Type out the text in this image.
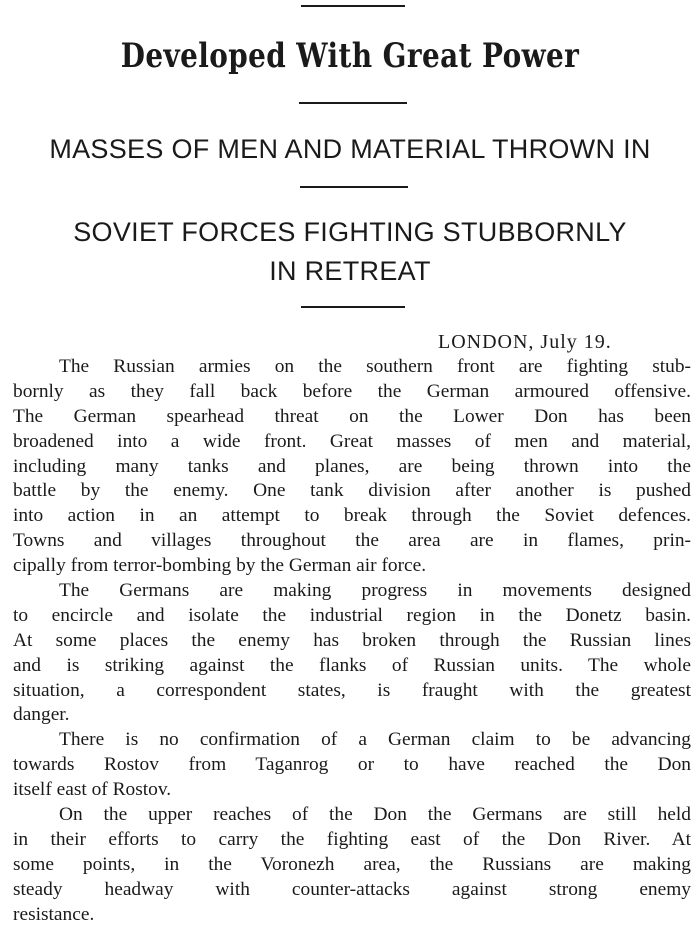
Developed With Great Power
MASSES OF MEN AND MATERIAL THROWN IN
SOVIET FORCES FIGHTING STUBBORNLY
IN RETREAT
LONDON, July 19.
The Russian armies on the southern front are fighting stub-
bornly as they fall back before the German armoured offensive.
The German spearhead threat on the Lower Don has been
broadened into a wide front. Great masses of men and material,
including many tanks and planes, are being thrown into the
battle by the enemy. One tank division after another is pushed
into action in an attempt to break through the Soviet defences.
Towns and villages throughout the area are in flames, prin-
cipally from terror-bombing by the German air force.
The Germans are making progress in movements designed
to encircle and isolate the industrial region in the Donetz basin.
At some places the enemy has broken through the Russian lines
and is striking against the flanks of Russian units. The whole
situation, a correspondent states, is fraught with the greatest
danger.
There is no confirmation of a German claim to be advancing
towards Rostov from Taganrog or to have reached the Don
itself east of Rostov.
On the upper reaches of the Don the Germans are still held
in their efforts to carry the fighting east of the Don River. At
some points, in the Voronezh area, the Russians are making
steady headway with counter-attacks against strong enemy
resistance.
